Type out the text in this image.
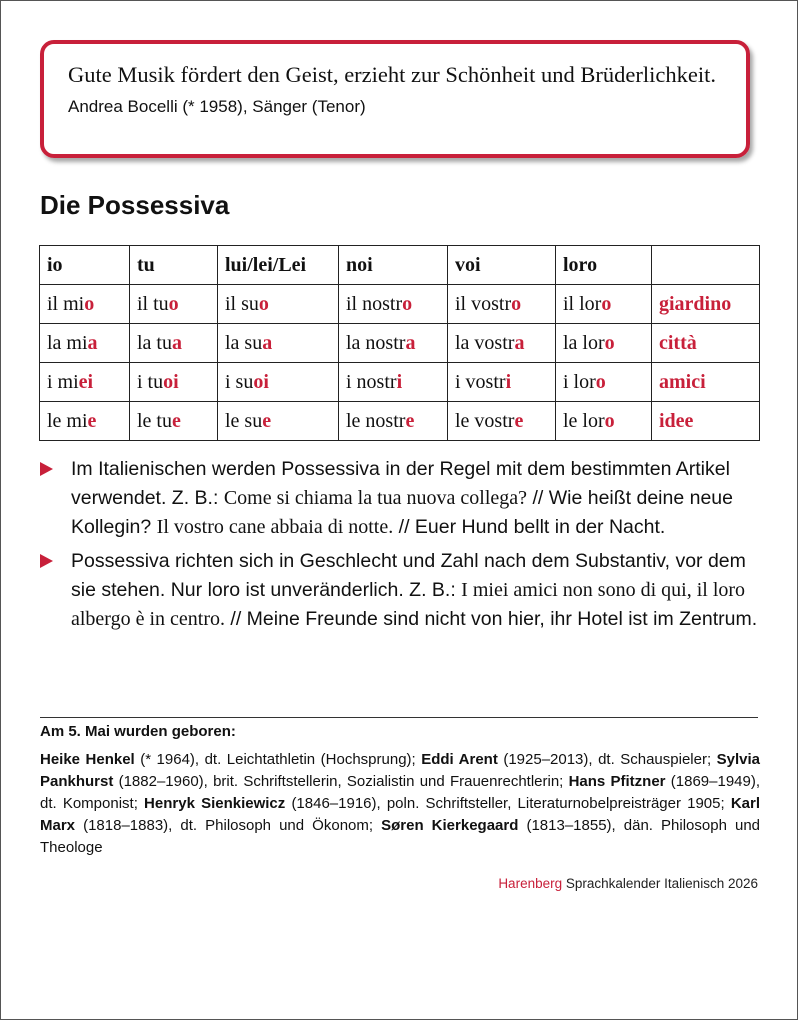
Gute Musik fördert den Geist, erzieht zur Schönheit und Brüderlichkeit.

Andrea Bocelli (* 1958), Sänger (Tenor)
Die Possessiva
io	tu	lui/lei/Lei	noi	voi	loro	
il mio	il tuo	il suo	il nostro	il vostro	il loro	giardino
la mia	la tua	la sua	la nostra	la vostra	la loro	città
i miei	i tuoi	i suoi	i nostri	i vostri	i loro	amici
le mie	le tue	le sue	le nostre	le vostre	le loro	idee
Im Italienischen werden Possessiva in der Regel mit dem bestimmten Artikel verwendet. Z. B.: Come si chiama la tua nuova collega? // Wie heißt deine neue Kollegin? Il vostro cane abbaia di notte. // Euer Hund bellt in der Nacht.
Possessiva richten sich in Geschlecht und Zahl nach dem Substantiv, vor dem sie stehen. Nur loro ist unveränderlich. Z. B.: I miei amici non sono di qui, il loro albergo è in centro. // Meine Freunde sind nicht von hier, ihr Hotel ist im Zentrum.
Am 5. Mai wurden geboren:
Heike Henkel (* 1964), dt. Leichtathletin (Hochsprung); Eddi Arent (1925–2013), dt. Schauspieler; Sylvia Pankhurst (1882–1960), brit. Schriftstellerin, Sozialistin und Frauenrechtlerin; Hans Pfitzner (1869–1949), dt. Komponist; Henryk Sienkiewicz (1846–1916), poln. Schriftsteller, Literaturnobelpreisträger 1905; Karl Marx (1818–1883), dt. Philosoph und Ökonom; Søren Kierkegaard (1813–1855), dän. Philosoph und Theologe
Harenberg Sprachkalender Italienisch 2026
